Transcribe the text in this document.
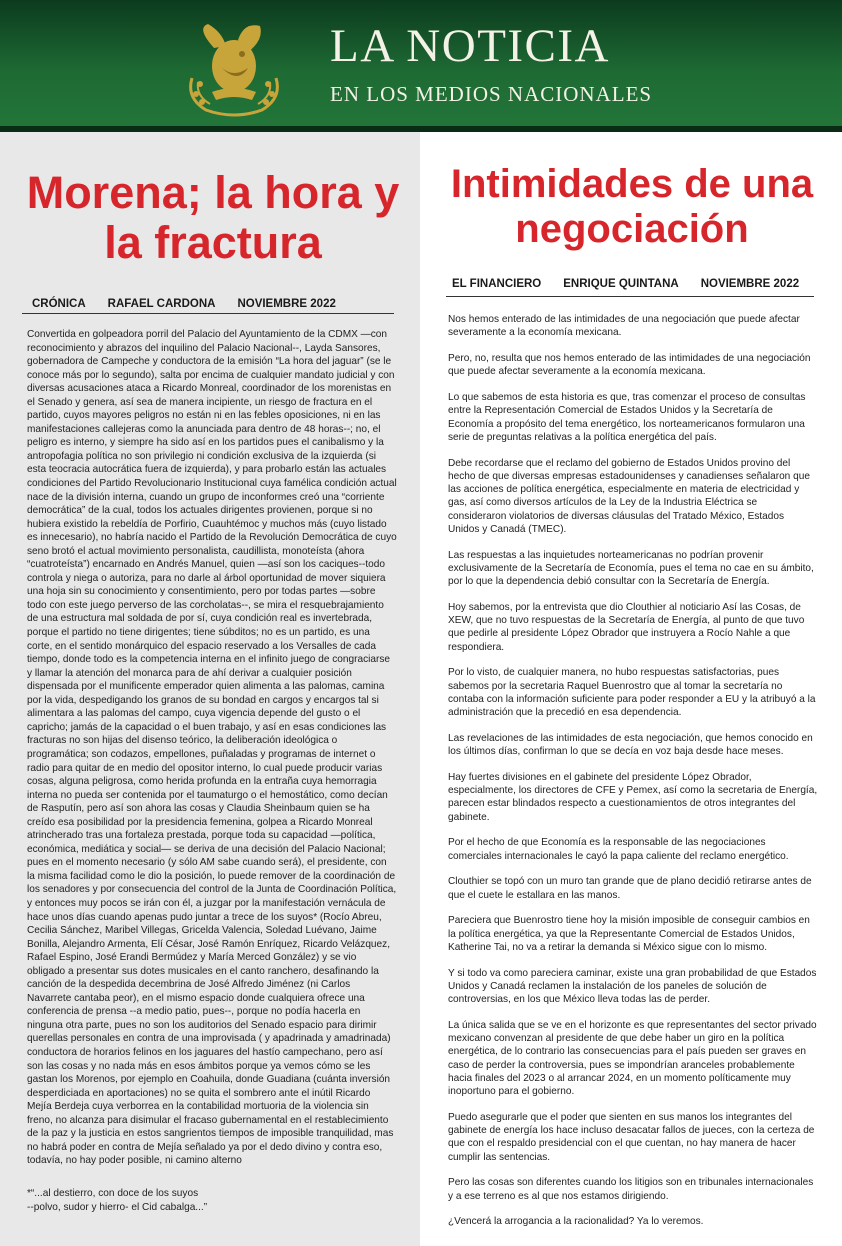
LA NOTICIA
EN LOS MEDIOS NACIONALES
Morena; la hora y la fractura
CRÓNICA RAFAEL CARDONA NOVIEMBRE 2022

Convertida en golpeadora porril del Palacio del Ayuntamiento de la CDMX —con reconocimiento y abrazos del inquilino del Palacio Nacional--, Layda Sansores, gobernadora de Campeche y conductora de la emisión “La hora del jaguar” (se le conoce más por lo segundo), salta por encima de cualquier mandato judicial y con diversas acusaciones ataca a Ricardo Monreal, coordinador de los morenistas en el Senado y genera, así sea de manera incipiente, un riesgo de fractura en el partido, cuyos mayores peligros no están ni en las febles oposiciones, ni en las manifestaciones callejeras como la anunciada para dentro de 48 horas--; no, el peligro es interno, y siempre ha sido así en los partidos pues el canibalismo y la antropofagia política no son privilegio ni condición exclusiva de la izquierda (si esta teocracia autocrática fuera de izquierda), y para probarlo están las actuales condiciones del Partido Revolucionario Institucional cuya famélica condición actual nace de la división interna, cuando un grupo de inconformes creó una “corriente democrática” de la cual, todos los actuales dirigentes provienen, porque si no hubiera existido la rebeldía de Porfirio, Cuauhtémoc y muchos más (cuyo listado es innecesario), no habría nacido el Partido de la Revolución Democrática de cuyo seno brotó el actual movimiento personalista, caudillista, monoteísta (ahora “cuatroteísta”) encarnado en Andrés Manuel, quien —así son los caciques--todo controla y niega o autoriza, para no darle al árbol oportunidad de mover siquiera una hoja sin su conocimiento y consentimiento, pero por todas partes —sobre todo con este juego perverso de las corcholatas--, se mira el resquebrajamiento de una estructura mal soldada de por sí, cuya condición real es invertebrada, porque el partido no tiene dirigentes; tiene súbditos; no es un partido, es una corte, en el sentido monárquico del espacio reservado a los Versalles de cada tiempo, donde todo es la competencia interna en el infinito juego de congraciarse y llamar la atención del monarca para de ahí derivar a cualquier posición dispensada por el munificente emperador quien alimenta a las palomas, camina por la vida, despedigando los granos de su bondad en cargos y encargos tal si alimentara a las palomas del campo, cuya vigencia depende del gusto o el capricho; jamás de la capacidad o el buen trabajo, y así en esas condiciones las fracturas no son hijas del disenso teórico, la deliberación ideológica o programática; son codazos, empellones, puñaladas y programas de internet o radio para quitar de en medio del opositor interno, lo cual puede producir varias cosas, alguna peligrosa, como herida profunda en la entraña cuya hemorragia interna no pueda ser contenida por el taumaturgo o el hemostático, como decían de Rasputín, pero así son ahora las cosas y Claudia Sheinbaum quien se ha creído esa posibilidad por la presidencia femenina, golpea a Ricardo Monreal atrincherado tras una fortaleza prestada, porque toda su capacidad —política, económica, mediática y social— se deriva de una decisión del Palacio Nacional; pues en el momento necesario (y sólo AM sabe cuando será), el presidente, con la misma facilidad como le dio la posición, lo puede remover de la coordinación de los senadores y por consecuencia del control de la Junta de Coordinación Política, y entonces muy pocos se irán con él, a juzgar por la manifestación vernácula de hace unos días cuando apenas pudo juntar a trece de los suyos* (Rocío Abreu, Cecilia Sánchez, Maribel Villegas, Gricelda Valencia, Soledad Luévano, Jaime Bonilla, Alejandro Armenta, Elí César, José Ramón Enríquez, Ricardo Velázquez, Rafael Espino, José Erandi Bermúdez y María Merced González) y se vio obligado a presentar sus dotes musicales en el canto ranchero, desafinando la canción de la despedida decembrina de José Alfredo Jiménez (ni Carlos Navarrete cantaba peor), en el mismo espacio donde cualquiera ofrece una conferencia de prensa --a medio patio, pues--, porque no podía hacerla en ninguna otra parte, pues no son los auditorios del Senado espacio para dirimir querellas personales en contra de una improvisada ( y apadrinada y amadrinada) conductora de horarios felinos en los jaguares del hastío campechano, pero así son las cosas y no nada más en esos ámbitos porque ya vemos cómo se les gastan los Morenos, por ejemplo en Coahuila, donde Guadiana (cuánta inversión desperdiciada en aportaciones) no se quita el sombrero ante el inútil Ricardo Mejía Berdeja cuya verborrea en la contabilidad mortuoria de la violencia sin freno, no alcanza para disimular el fracaso gubernamental en el restablecimiento de la paz y la justicia en estos sangrientos tiempos de imposible tranquilidad, mas no habrá poder en contra de Mejía señalado ya por el dedo divino y contra eso, todavía, no hay poder posible, ni camino alterno

*“...al destierro, con doce de los suyos

--polvo, sudor y hierro- el Cid cabalga...”

Intimidades de una negociación
EL FINANCIERO ENRIQUE QUINTANA NOVIEMBRE 2022

Nos hemos enterado de las intimidades de una negociación que puede afectar severamente a la economía mexicana.

Pero, no, resulta que nos hemos enterado de las intimidades de una negociación que puede afectar severamente a la economía mexicana.

Lo que sabemos de esta historia es que, tras comenzar el proceso de consultas entre la Representación Comercial de Estados Unidos y la Secretaría de Economía a propósito del tema energético, los norteamericanos formularon una serie de preguntas relativas a la política energética del país.

Debe recordarse que el reclamo del gobierno de Estados Unidos provino del hecho de que diversas empresas estadounidenses y canadienses señalaron que las acciones de política energética, especialmente en materia de electricidad y gas, así como diversos artículos de la Ley de la Industria Eléctrica se consideraron violatorios de diversas cláusulas del Tratado México, Estados Unidos y Canadá (TMEC).

Las respuestas a las inquietudes norteamericanas no podrían provenir exclusivamente de la Secretaría de Economía, pues el tema no cae en su ámbito, por lo que la dependencia debió consultar con la Secretaría de Energía.

Hoy sabemos, por la entrevista que dio Clouthier al noticiario Así las Cosas, de XEW, que no tuvo respuestas de la Secretaría de Energía, al punto de que tuvo que pedirle al presidente López Obrador que instruyera a Rocío Nahle a que respondiera.

Por lo visto, de cualquier manera, no hubo respuestas satisfactorias, pues sabemos por la secretaria Raquel Buenrostro que al tomar la secretaría no contaba con la información suficiente para poder responder a EU y la atribuyó a la administración que la precedió en esa dependencia.

Las revelaciones de las intimidades de esta negociación, que hemos conocido en los últimos días, confirman lo que se decía en voz baja desde hace meses.

Hay fuertes divisiones en el gabinete del presidente López Obrador, especialmente, los directores de CFE y Pemex, así como la secretaria de Energía, parecen estar blindados respecto a cuestionamientos de otros integrantes del gabinete.

Por el hecho de que Economía es la responsable de las negociaciones comerciales internacionales le cayó la papa caliente del reclamo energético.

Clouthier se topó con un muro tan grande que de plano decidió retirarse antes de que el cuete le estallara en las manos.

Pareciera que Buenrostro tiene hoy la misión imposible de conseguir cambios en la política energética, ya que la Representante Comercial de Estados Unidos, Katherine Tai, no va a retirar la demanda si México sigue con lo mismo.

Y si todo va como pareciera caminar, existe una gran probabilidad de que Estados Unidos y Canadá reclamen la instalación de los paneles de solución de controversias, en los que México lleva todas las de perder.

La única salida que se ve en el horizonte es que representantes del sector privado mexicano convenzan al presidente de que debe haber un giro en la política energética, de lo contrario las consecuencias para el país pueden ser graves en caso de perder la controversia, pues se impondrían aranceles probablemente hacia finales del 2023 o al arrancar 2024, en un momento políticamente muy inoportuno para el gobierno.

Puedo asegurarle que el poder que sienten en sus manos los integrantes del gabinete de energía los hace incluso desacatar fallos de jueces, con la certeza de que con el respaldo presidencial con el que cuentan, no hay manera de hacer cumplir las sentencias.

Pero las cosas son diferentes cuando los litigios son en tribunales internacionales y a ese terreno es al que nos estamos dirigiendo.

¿Vencerá la arrogancia a la racionalidad? Ya lo veremos.
